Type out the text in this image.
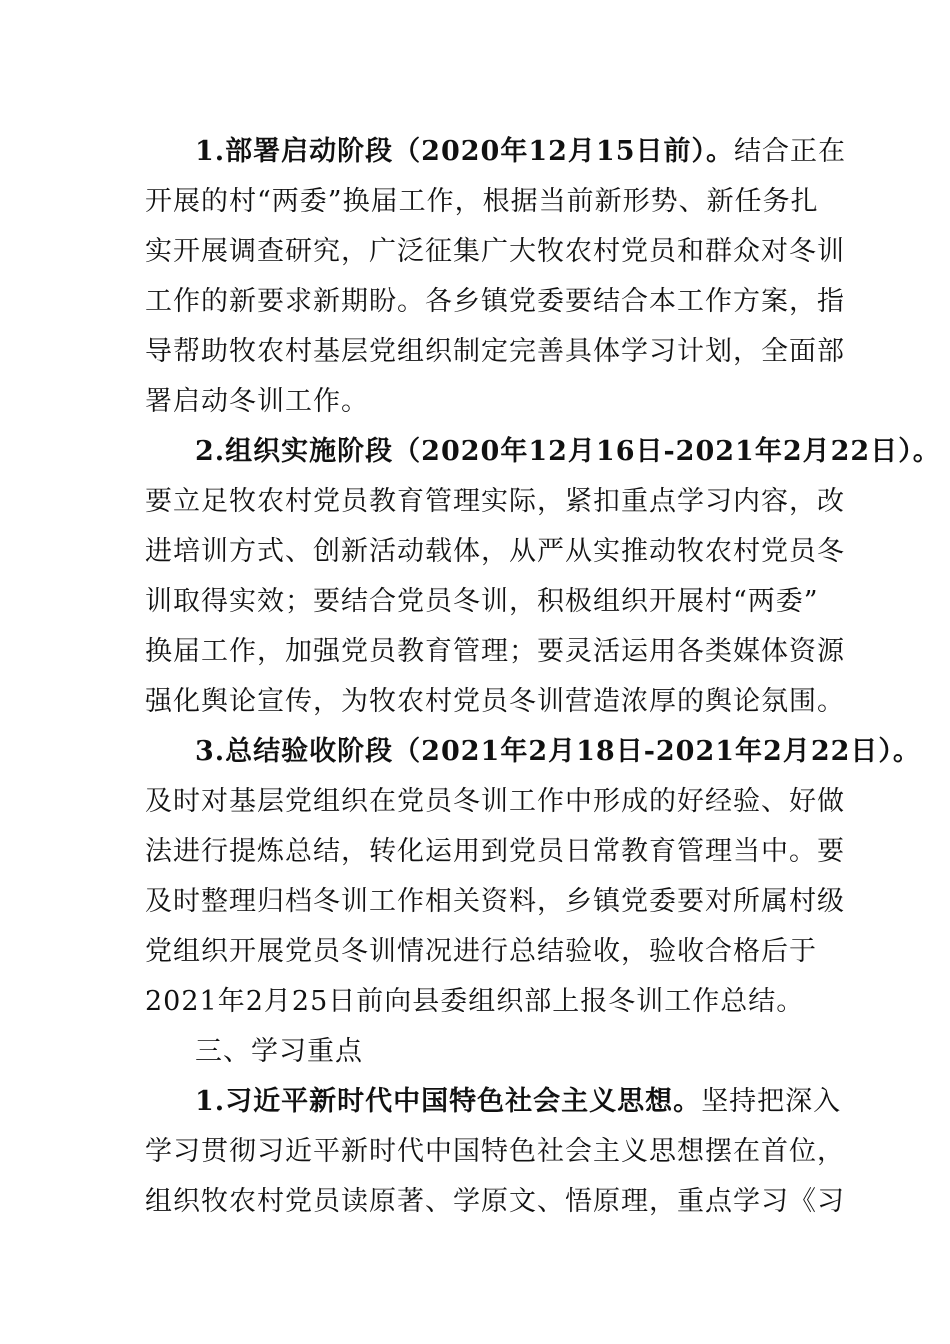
1.部署启动阶段（2020年12月15日前）。结合正在
开展的村“两委”换届工作，根据当前新形势、新任务扎
实开展调查研究，广泛征集广大牧农村党员和群众对冬训
工作的新要求新期盼。各乡镇党委要结合本工作方案，指
导帮助牧农村基层党组织制定完善具体学习计划，全面部
署启动冬训工作。
2.组织实施阶段（2020年12月16日-2021年2月22日）。
要立足牧农村党员教育管理实际，紧扣重点学习内容，改
进培训方式、创新活动载体，从严从实推动牧农村党员冬
训取得实效；要结合党员冬训，积极组织开展村“两委”
换届工作，加强党员教育管理；要灵活运用各类媒体资源
强化舆论宣传，为牧农村党员冬训营造浓厚的舆论氛围。
3.总结验收阶段（2021年2月18日-2021年2月22日）。
及时对基层党组织在党员冬训工作中形成的好经验、好做
法进行提炼总结，转化运用到党员日常教育管理当中。要
及时整理归档冬训工作相关资料，乡镇党委要对所属村级
党组织开展党员冬训情况进行总结验收，验收合格后于
2021年2月25日前向县委组织部上报冬训工作总结。
三、学习重点
1.习近平新时代中国特色社会主义思想。坚持把深入
学习贯彻习近平新时代中国特色社会主义思想摆在首位，
组织牧农村党员读原著、学原文、悟原理，重点学习《习
